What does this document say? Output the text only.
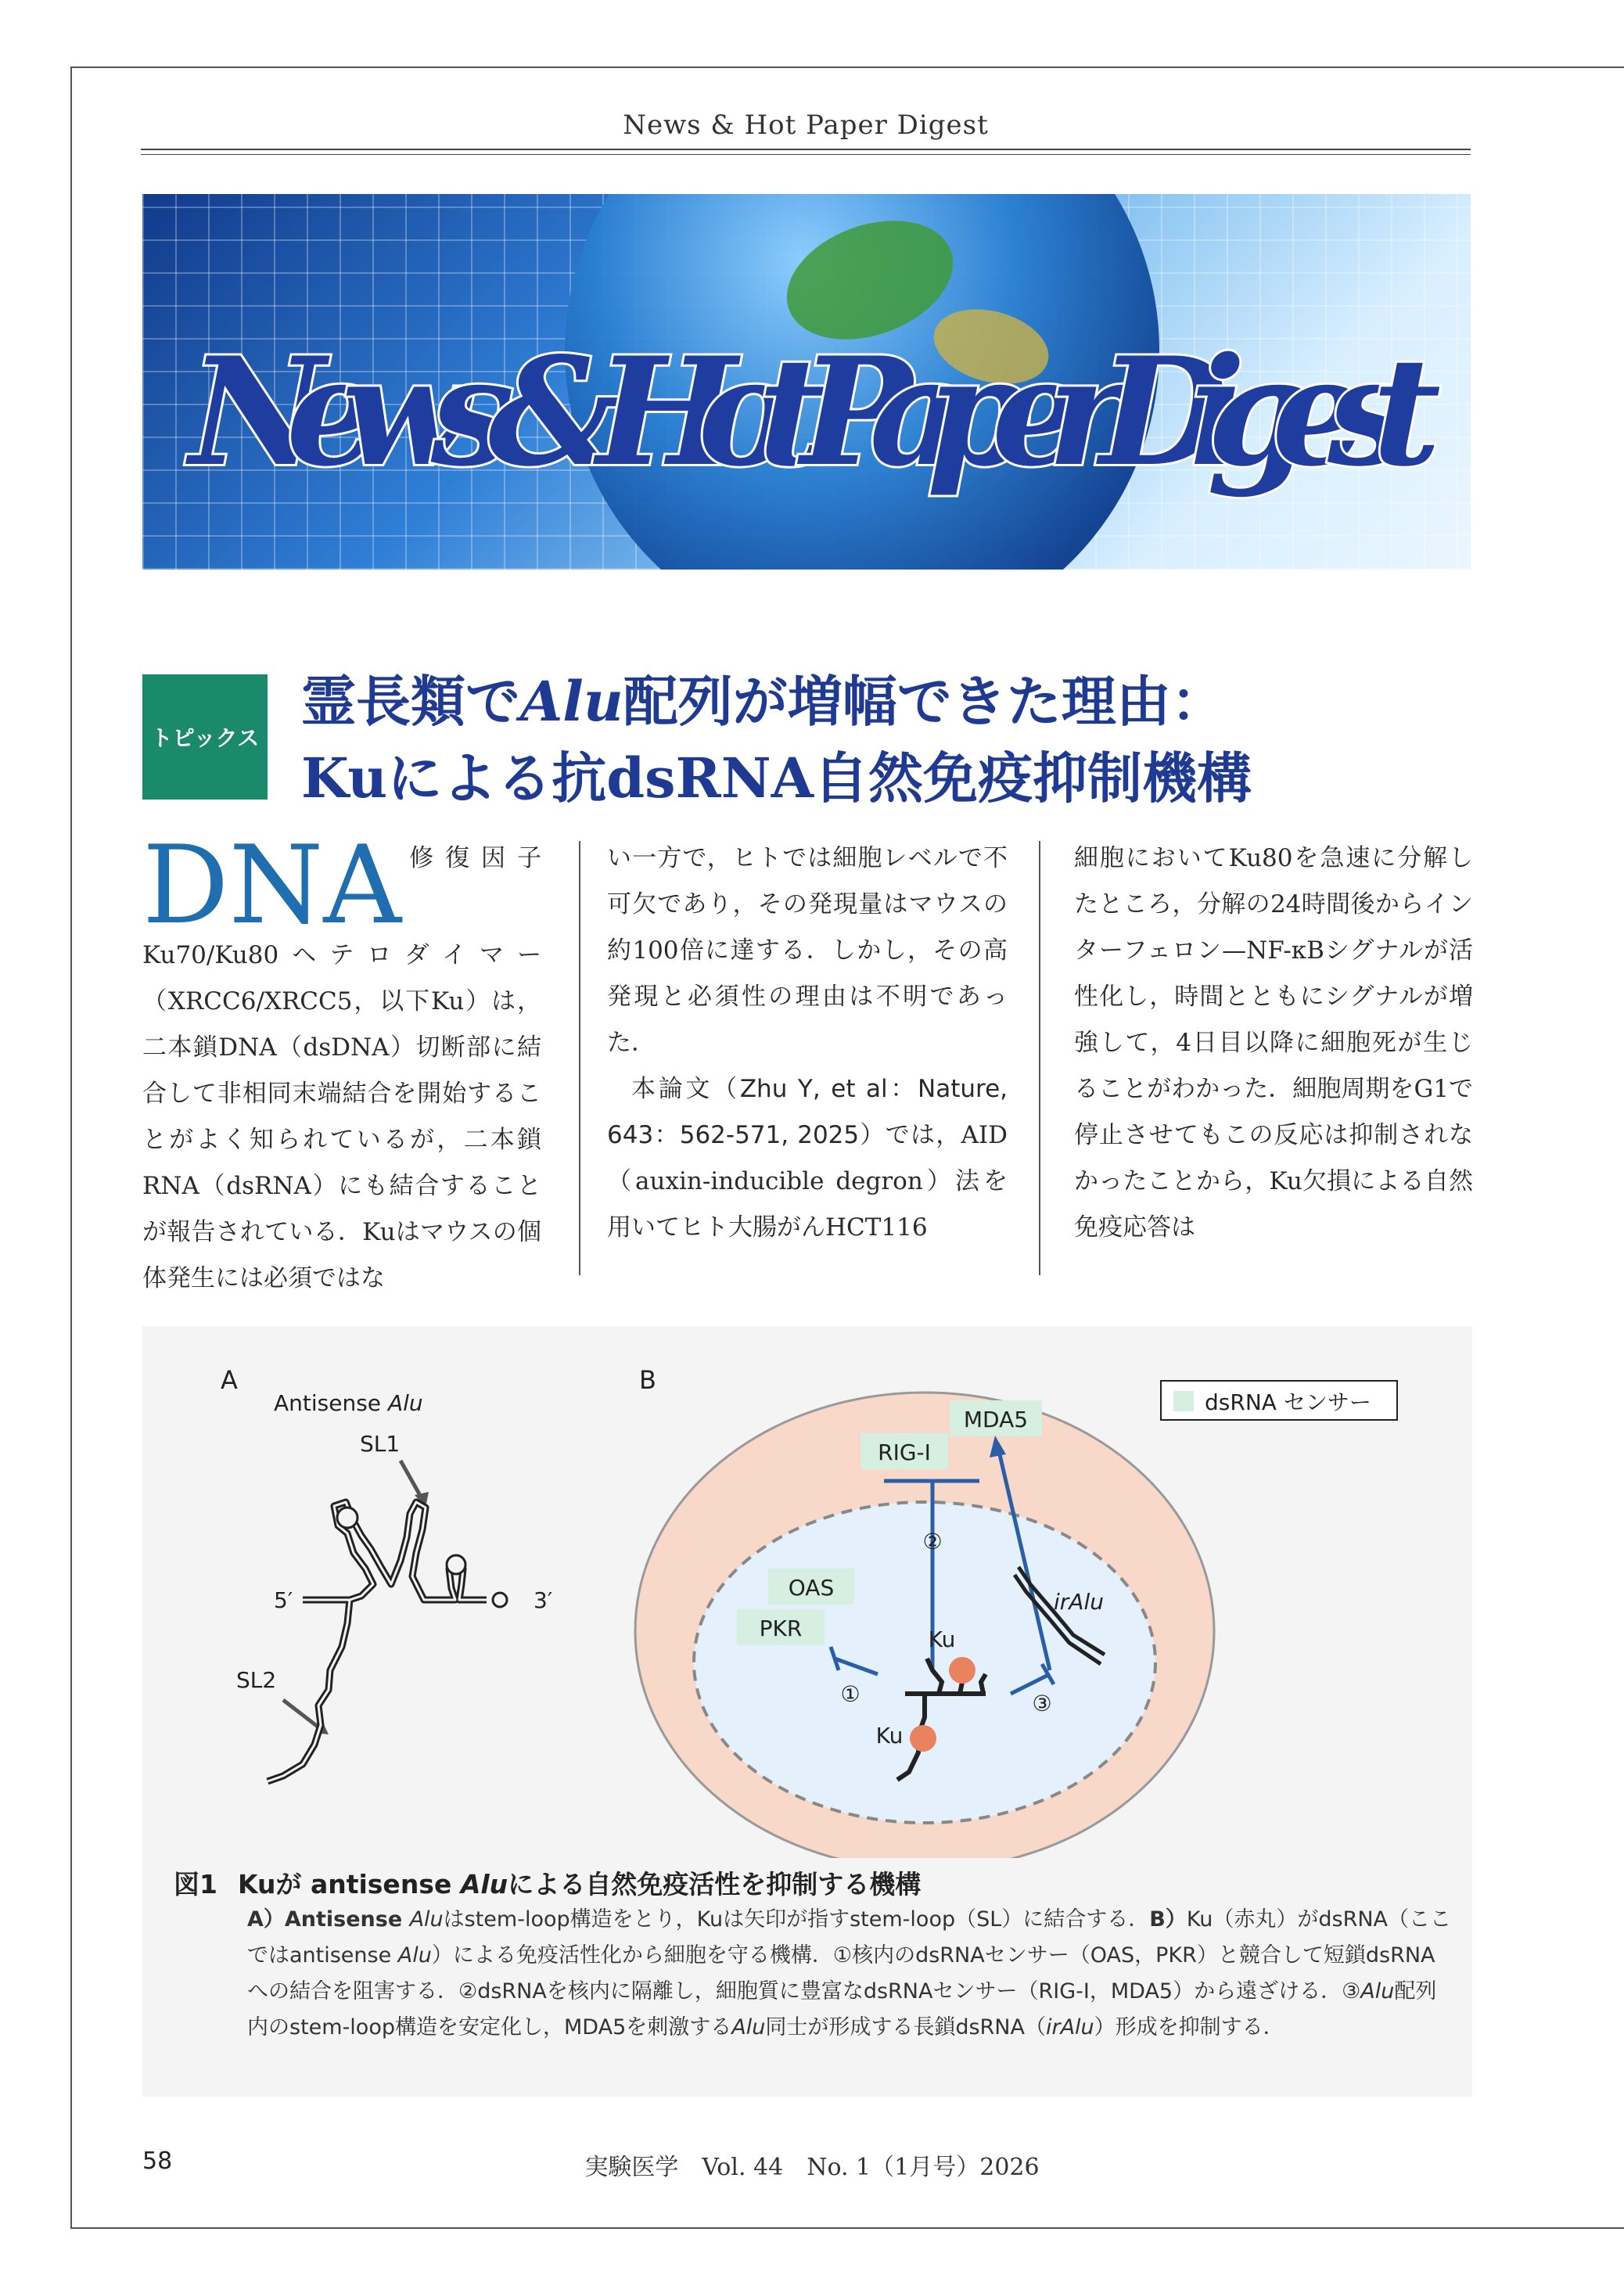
News & Hot Paper Digest
News & Hot Paper Digest
トピックス
霊長類でAlu配列が増幅できた理由：
Kuによる抗dsRNA自然免疫抑制機構
DNA 修復因子Ku70/Ku80ヘテロダイマー（XRCC6/XRCC5，以下Ku）は，二本鎖DNA（dsDNA）切断部に結合して非相同末端結合を開始することがよく知られているが，二本鎖RNA（dsRNA）にも結合することが報告されている．Kuはマウスの個体発生には必須ではな

い一方で，ヒトでは細胞レベルで不可欠であり，その発現量はマウスの約100倍に達する．しかし，その高発現と必須性の理由は不明であった．

本論文（Zhu Y, et al：Nature, 643：562-571, 2025）では，AID（auxin-inducible degron）法を用いてヒト大腸がんHCT116

細胞においてKu80を急速に分解したところ，分解の24時間後からインターフェロン—NF-κBシグナルが活性化し，時間とともにシグナルが増強して，4日目以降に細胞死が生じることがわかった．細胞周期をG1で停止させてもこの反応は抑制されなかったことから，Ku欠損による自然免疫応答は

A
Antisense Alu
SL1
5′	3′
SL2
B
dsRNA センサー
MDA5
RIG-I
②
OAS
PKR
①
Ku
Ku
③
irAlu
図1 Kuが antisense Aluによる自然免疫活性を抑制する機構
A）Antisense Aluはstem-loop構造をとり，Kuは矢印が指すstem-loop（SL）に結合する．B）Ku（赤丸）がdsRNA（ここではantisense Alu）による免疫活性化から細胞を守る機構．①核内のdsRNAセンサー（OAS，PKR）と競合して短鎖dsRNAへの結合を阻害する．②dsRNAを核内に隔離し，細胞質に豊富なdsRNAセンサー（RIG-I，MDA5）から遠ざける．③Alu配列内のstem-loop構造を安定化し，MDA5を刺激するAlu同士が形成する長鎖dsRNA（irAlu）形成を抑制する．
58	実験医学　Vol. 44　No. 1（1月号）2026
